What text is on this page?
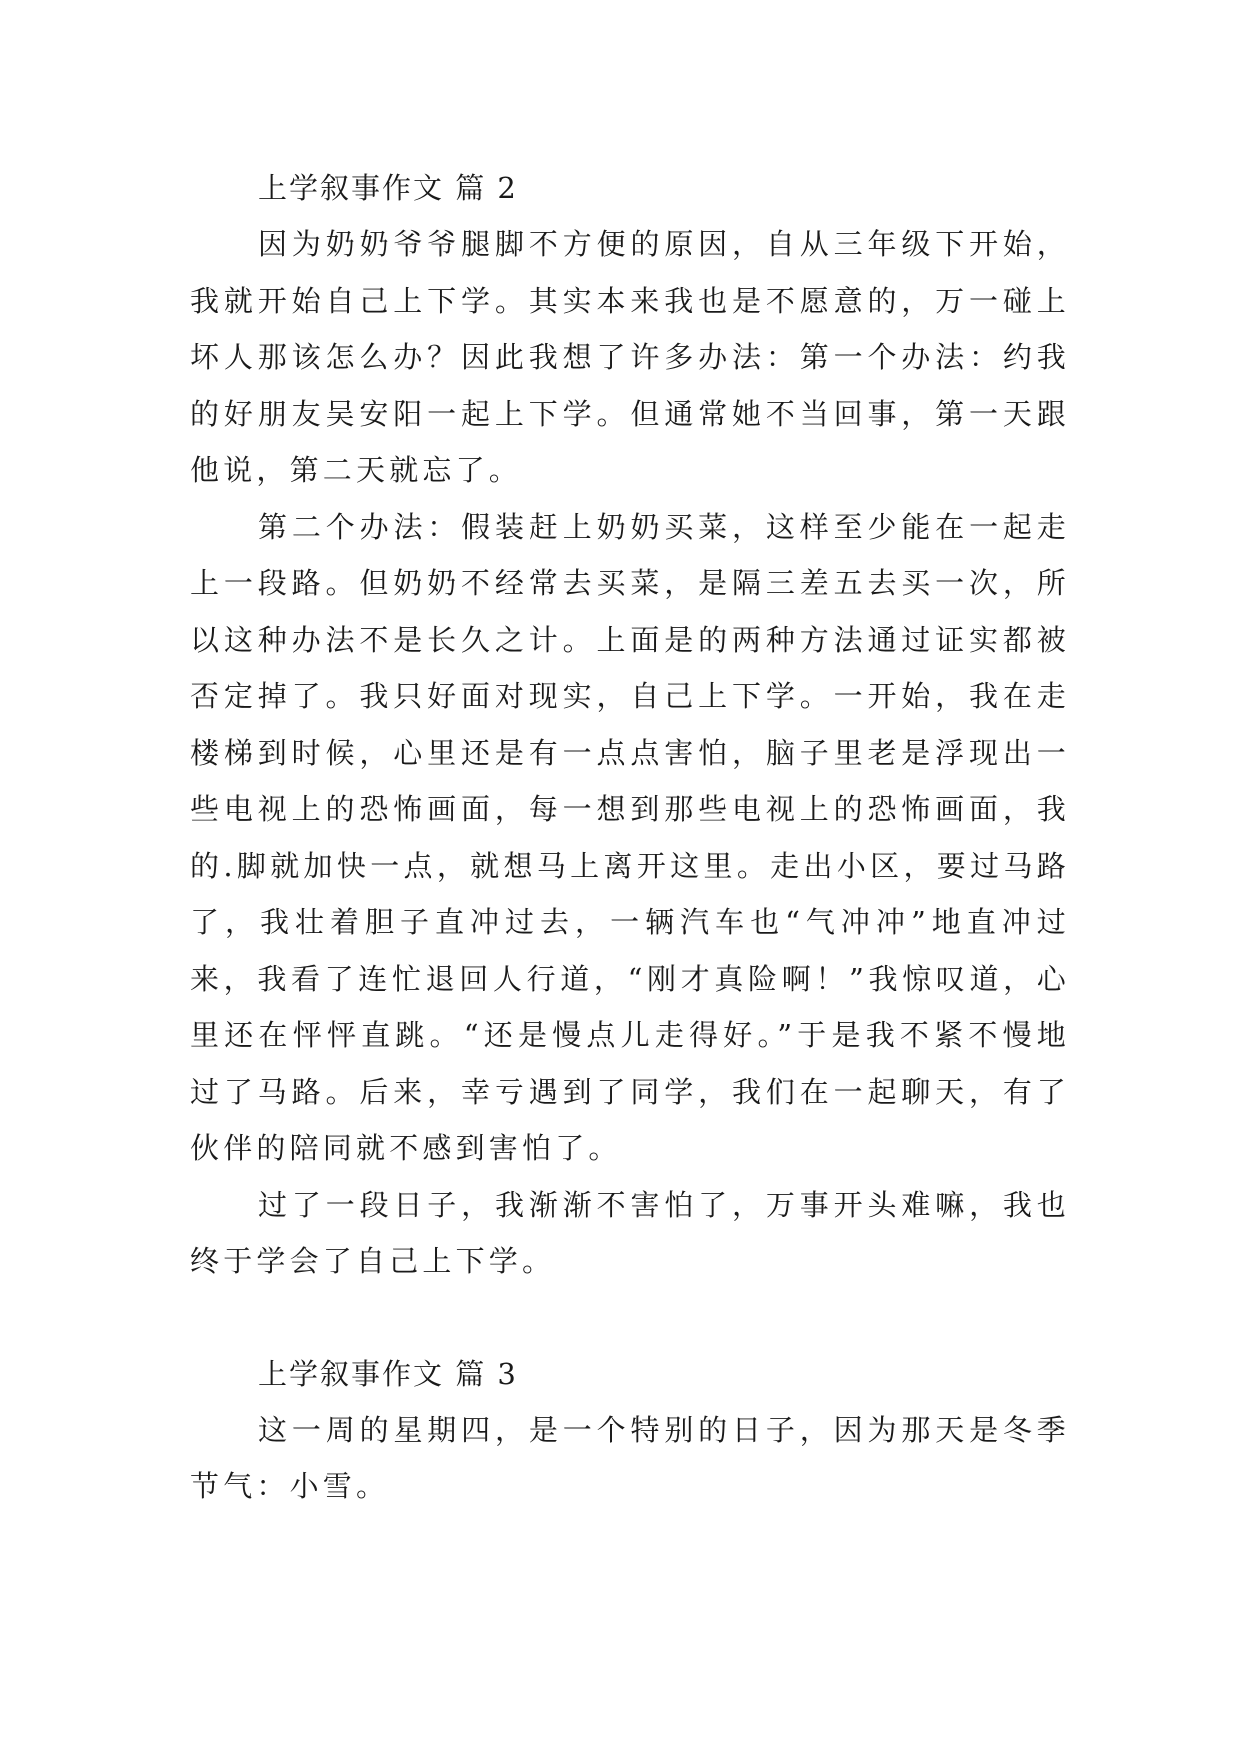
上学叙事作文 篇 2

因为奶奶爷爷腿脚不方便的原因，自从三年级下开始，我就开始自己上下学。其实本来我也是不愿意的，万一碰上坏人那该怎么办？因此我想了许多办法：第一个办法：约我的好朋友吴安阳一起上下学。但通常她不当回事，第一天跟他说，第二天就忘了。

第二个办法：假装赶上奶奶买菜，这样至少能在一起走上一段路。但奶奶不经常去买菜，是隔三差五去买一次，所以这种办法不是长久之计。上面是的两种方法通过证实都被否定掉了。我只好面对现实，自己上下学。一开始，我在走楼梯到时候，心里还是有一点点害怕，脑子里老是浮现出一些电视上的恐怖画面，每一想到那些电视上的恐怖画面，我的.脚就加快一点，就想马上离开这里。走出小区，要过马路了，我壮着胆子直冲过去，一辆汽车也“气冲冲”地直冲过来，我看了连忙退回人行道，“刚才真险啊！”我惊叹道，心里还在怦怦直跳。“还是慢点儿走得好。”于是我不紧不慢地过了马路。后来，幸亏遇到了同学，我们在一起聊天，有了伙伴的陪同就不感到害怕了。

过了一段日子，我渐渐不害怕了，万事开头难嘛，我也终于学会了自己上下学。

上学叙事作文 篇 3

这一周的星期四，是一个特别的日子，因为那天是冬季节气：小雪。
